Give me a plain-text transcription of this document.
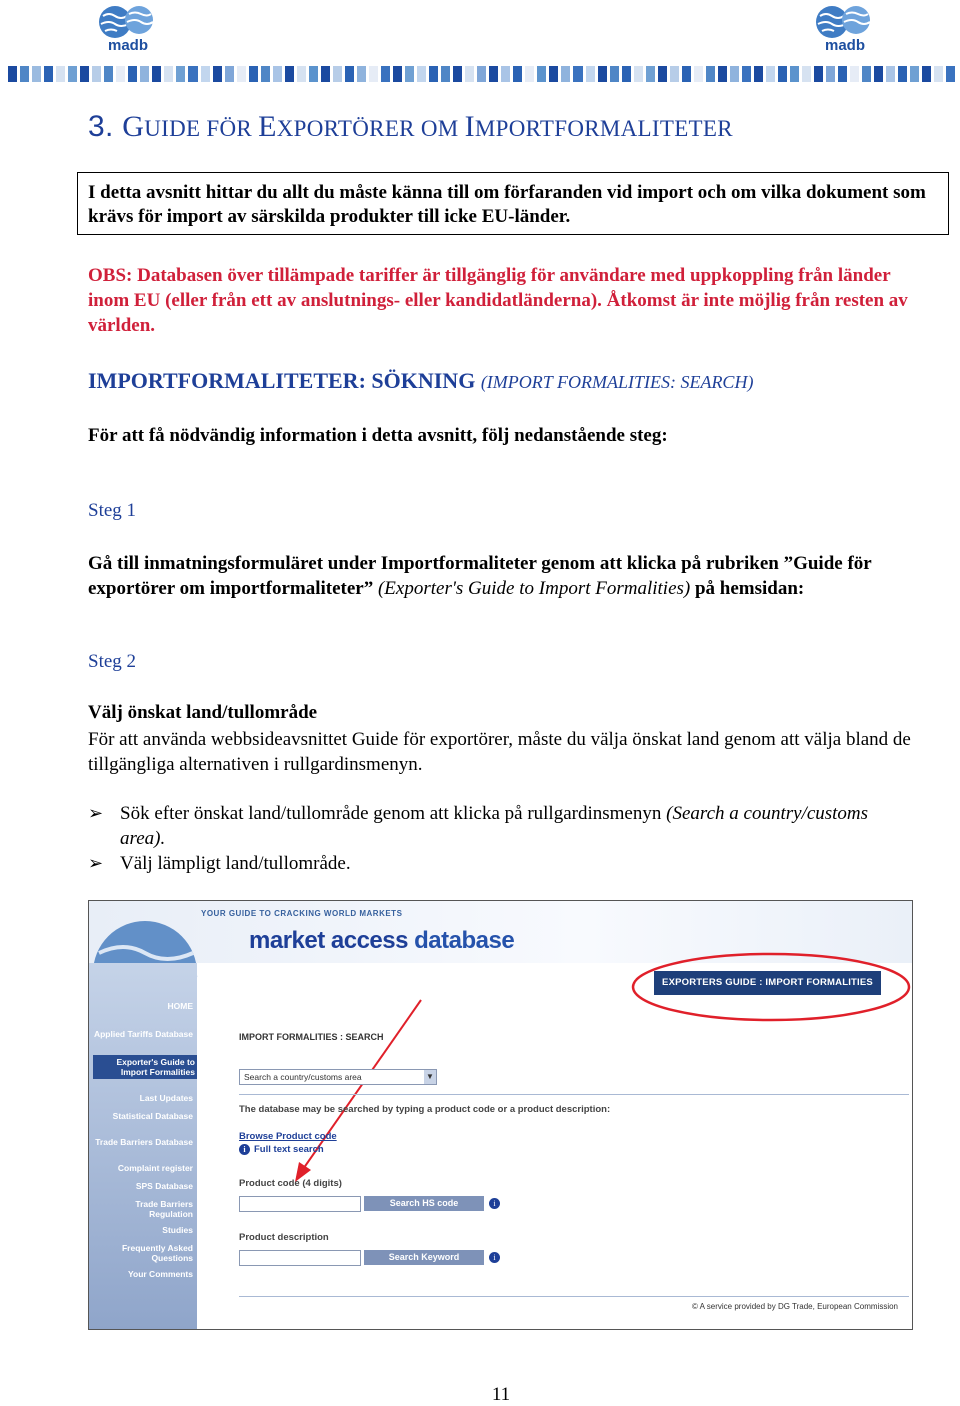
madb	madb
3. GUIDE FÖR EXPORTÖRER OM IMPORTFORMALITETER
I detta avsnitt hittar du allt du måste känna till om förfaranden vid import och om vilka dokument som krävs för import av särskilda produkter till icke EU-länder.

OBS: Databasen över tillämpade tariffer är tillgänglig för användare med uppkoppling från länder inom EU (eller från ett av anslutnings- eller kandidatländerna). Åtkomst är inte möjlig från resten av världen.

IMPORTFORMALITETER: SÖKNING (IMPORT FORMALITIES: SEARCH)

För att få nödvändig information i detta avsnitt, följ nedanstående steg:

Steg 1

Gå till inmatningsformuläret under Importformaliteter genom att klicka på rubriken ”Guide för exportörer om importformaliteter” (Exporter's Guide to Import Formalities) på hemsidan:

Steg 2

Välj önskat land/tullområde

För att använda webbsideavsnittet Guide för exportörer, måste du välja önskat land genom att välja bland de tillgängliga alternativen i rullgardinsmenyn.

➢ Sök efter önskat land/tullområde genom att klicka på rullgardinsmenyn (Search a country/customs area).
➢ Välj lämpligt land/tullområde.
YOUR GUIDE TO CRACKING WORLD MARKETS
market access database
HOME
Applied Tariffs Database
Exporter's Guide to Import Formalities
Last Updates
Statistical Database
Trade Barriers Database
Complaint register
SPS Database
Trade Barriers Regulation
Studies
Frequently Asked Questions
Your Comments
EXPORTERS GUIDE : IMPORT FORMALITIES
IMPORT FORMALITIES : SEARCH
Search a country/customs area	▼
The database may be searched by typing a product code or a product description:
Browse Product code
i Full text search
Product code (4 digits)
Search HS code	i
Product description
Search Keyword	i
© A service provided by DG Trade, European Commission
11
